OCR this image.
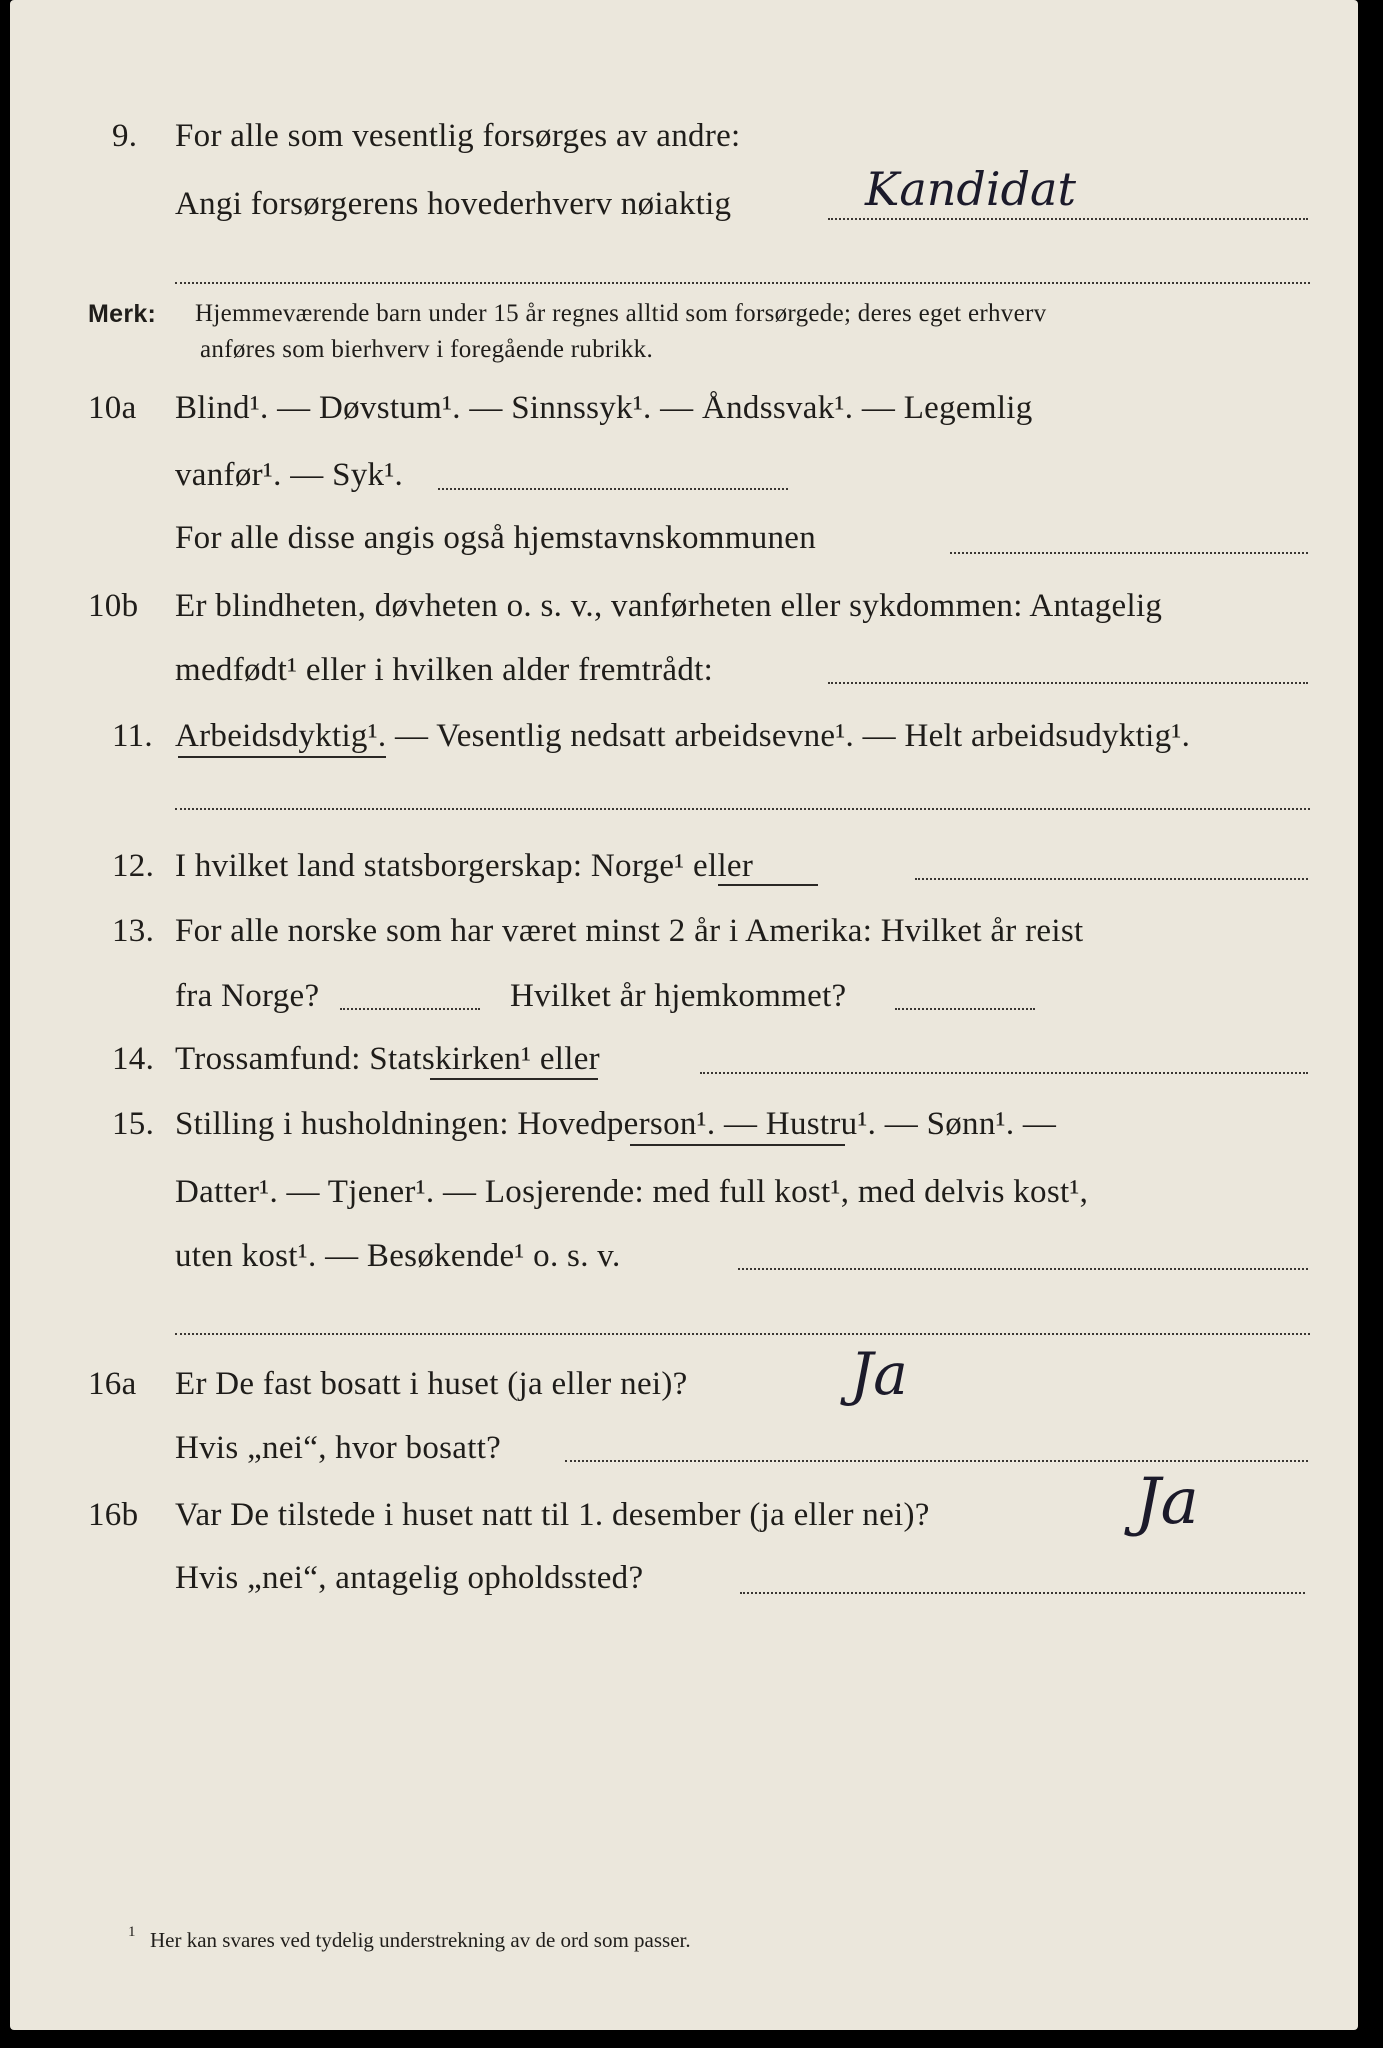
9. For alle som vesentlig forsørges av andre:
Angi forsørgerens hovederhverv nøiaktig	Kandidat
Merk: Hjemmeværende barn under 15 år regnes alltid som forsørgede; deres eget erhverv
anføres som bierhverv i foregående rubrikk.
10a Blind¹. — Døvstum¹. — Sinnssyk¹. — Åndssvak¹. — Legemlig
vanfør¹. — Syk¹.
For alle disse angis også hjemstavnskommunen
10b Er blindheten, døvheten o. s. v., vanførheten eller sykdommen: Antagelig
medfødt¹ eller i hvilken alder fremtrådt:
11. Arbeidsdyktig¹. — Vesentlig nedsatt arbeidsevne¹. — Helt arbeidsudyktig¹.
12. I hvilket land statsborgerskap: Norge¹ eller
13. For alle norske som har været minst 2 år i Amerika: Hvilket år reist
fra Norge?	Hvilket år hjemkommet?
14. Trossamfund: Statskirken¹ eller
15. Stilling i husholdningen: Hovedperson¹. — Hustru¹. — Sønn¹. —
Datter¹. — Tjener¹. — Losjerende: med full kost¹, med delvis kost¹,
uten kost¹. — Besøkende¹ o. s. v.
16a Er De fast bosatt i huset (ja eller nei)?	Ja
Hvis „nei“, hvor bosatt?
16b Var De tilstede i huset natt til 1. desember (ja eller nei)?	Ja
Hvis „nei“, antagelig opholdssted?
1 Her kan svares ved tydelig understrekning av de ord som passer.
